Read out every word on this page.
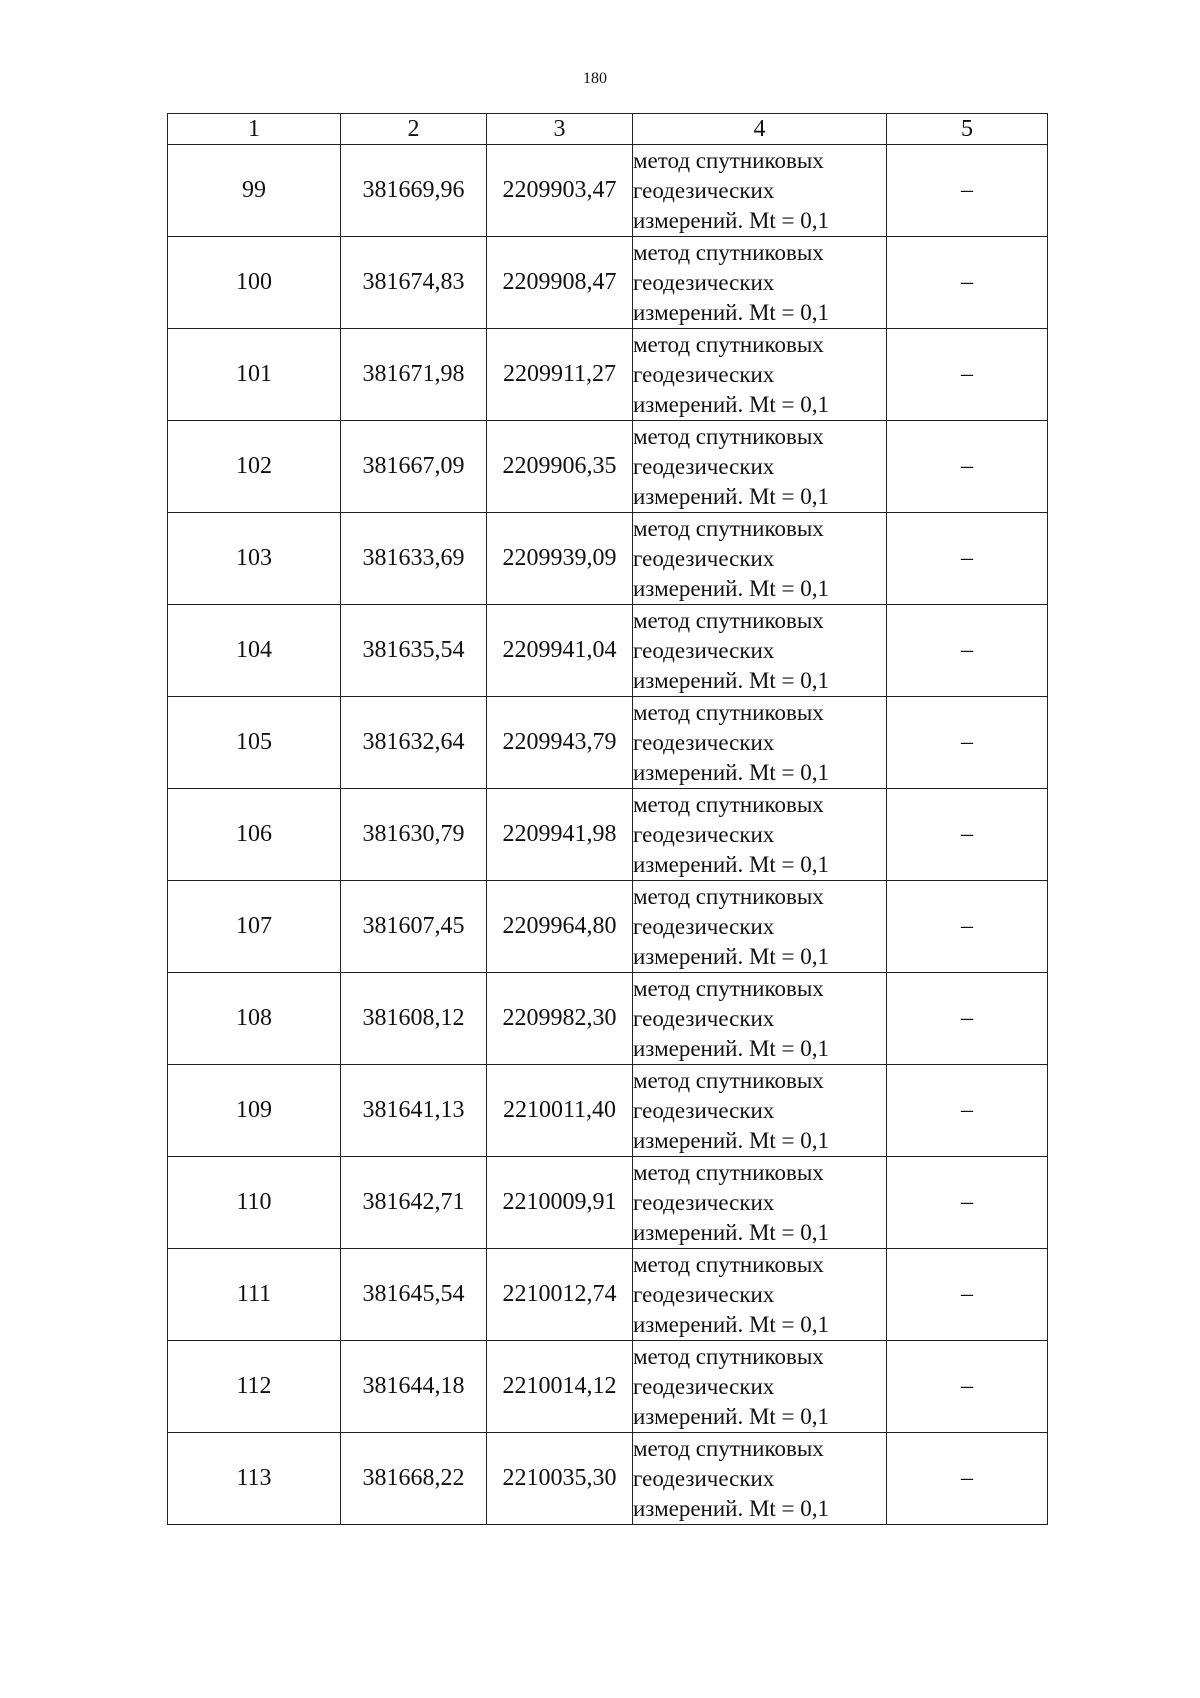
180
1	2	3	4	5
99	381669,96	2209903,47	метод спутниковых
геодезических
измерений. Mt = 0,1	–
100	381674,83	2209908,47	метод спутниковых
геодезических
измерений. Mt = 0,1	–
101	381671,98	2209911,27	метод спутниковых
геодезических
измерений. Mt = 0,1	–
102	381667,09	2209906,35	метод спутниковых
геодезических
измерений. Mt = 0,1	–
103	381633,69	2209939,09	метод спутниковых
геодезических
измерений. Mt = 0,1	–
104	381635,54	2209941,04	метод спутниковых
геодезических
измерений. Mt = 0,1	–
105	381632,64	2209943,79	метод спутниковых
геодезических
измерений. Mt = 0,1	–
106	381630,79	2209941,98	метод спутниковых
геодезических
измерений. Mt = 0,1	–
107	381607,45	2209964,80	метод спутниковых
геодезических
измерений. Mt = 0,1	–
108	381608,12	2209982,30	метод спутниковых
геодезических
измерений. Mt = 0,1	–
109	381641,13	2210011,40	метод спутниковых
геодезических
измерений. Mt = 0,1	–
110	381642,71	2210009,91	метод спутниковых
геодезических
измерений. Mt = 0,1	–
111	381645,54	2210012,74	метод спутниковых
геодезических
измерений. Mt = 0,1	–
112	381644,18	2210014,12	метод спутниковых
геодезических
измерений. Mt = 0,1	–
113	381668,22	2210035,30	метод спутниковых
геодезических
измерений. Mt = 0,1	–
